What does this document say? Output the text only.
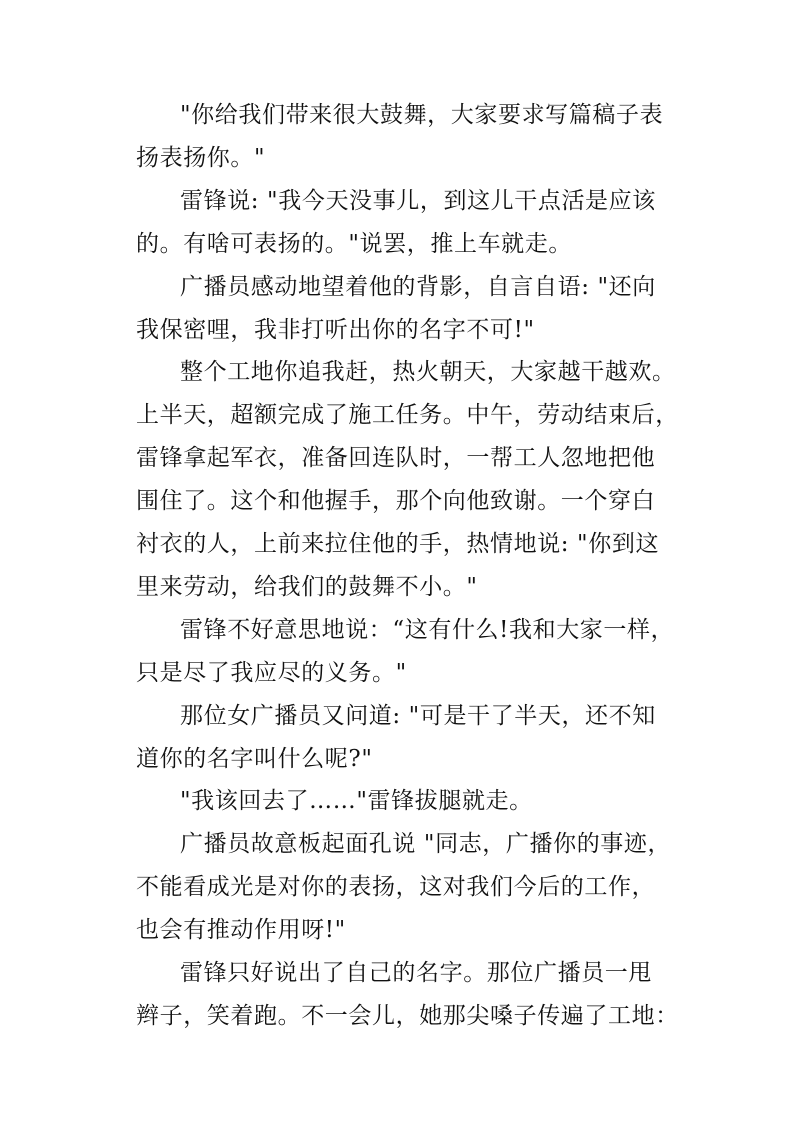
"你给我们带来很大鼓舞，大家要求写篇稿子表
扬表扬你。"
雷锋说: "我今天没事儿，到这儿干点活是应该
的。有啥可表扬的。"说罢，推上车就走。
广播员感动地望着他的背影，自言自语: "还向
我保密哩，我非打听出你的名字不可!"
整个工地你追我赶，热火朝天，大家越干越欢。
上半天，超额完成了施工任务。中午，劳动结束后，
雷锋拿起军衣，准备回连队时，一帮工人忽地把他
围住了。这个和他握手，那个向他致谢。一个穿白
衬衣的人，上前来拉住他的手，热情地说: "你到这
里来劳动，给我们的鼓舞不小。"
雷锋不好意思地说：“这有什么!我和大家一样，
只是尽了我应尽的义务。"
那位女广播员又问道: "可是干了半天，还不知
道你的名字叫什么呢?"
"我该回去了……"雷锋拔腿就走。
广播员故意板起面孔说 "同志，广播你的事迹，
不能看成光是对你的表扬，这对我们今后的工作，
也会有推动作用呀!"
雷锋只好说出了自己的名字。那位广播员一甩
辫子，笑着跑。不一会儿，她那尖嗓子传遍了工地：
